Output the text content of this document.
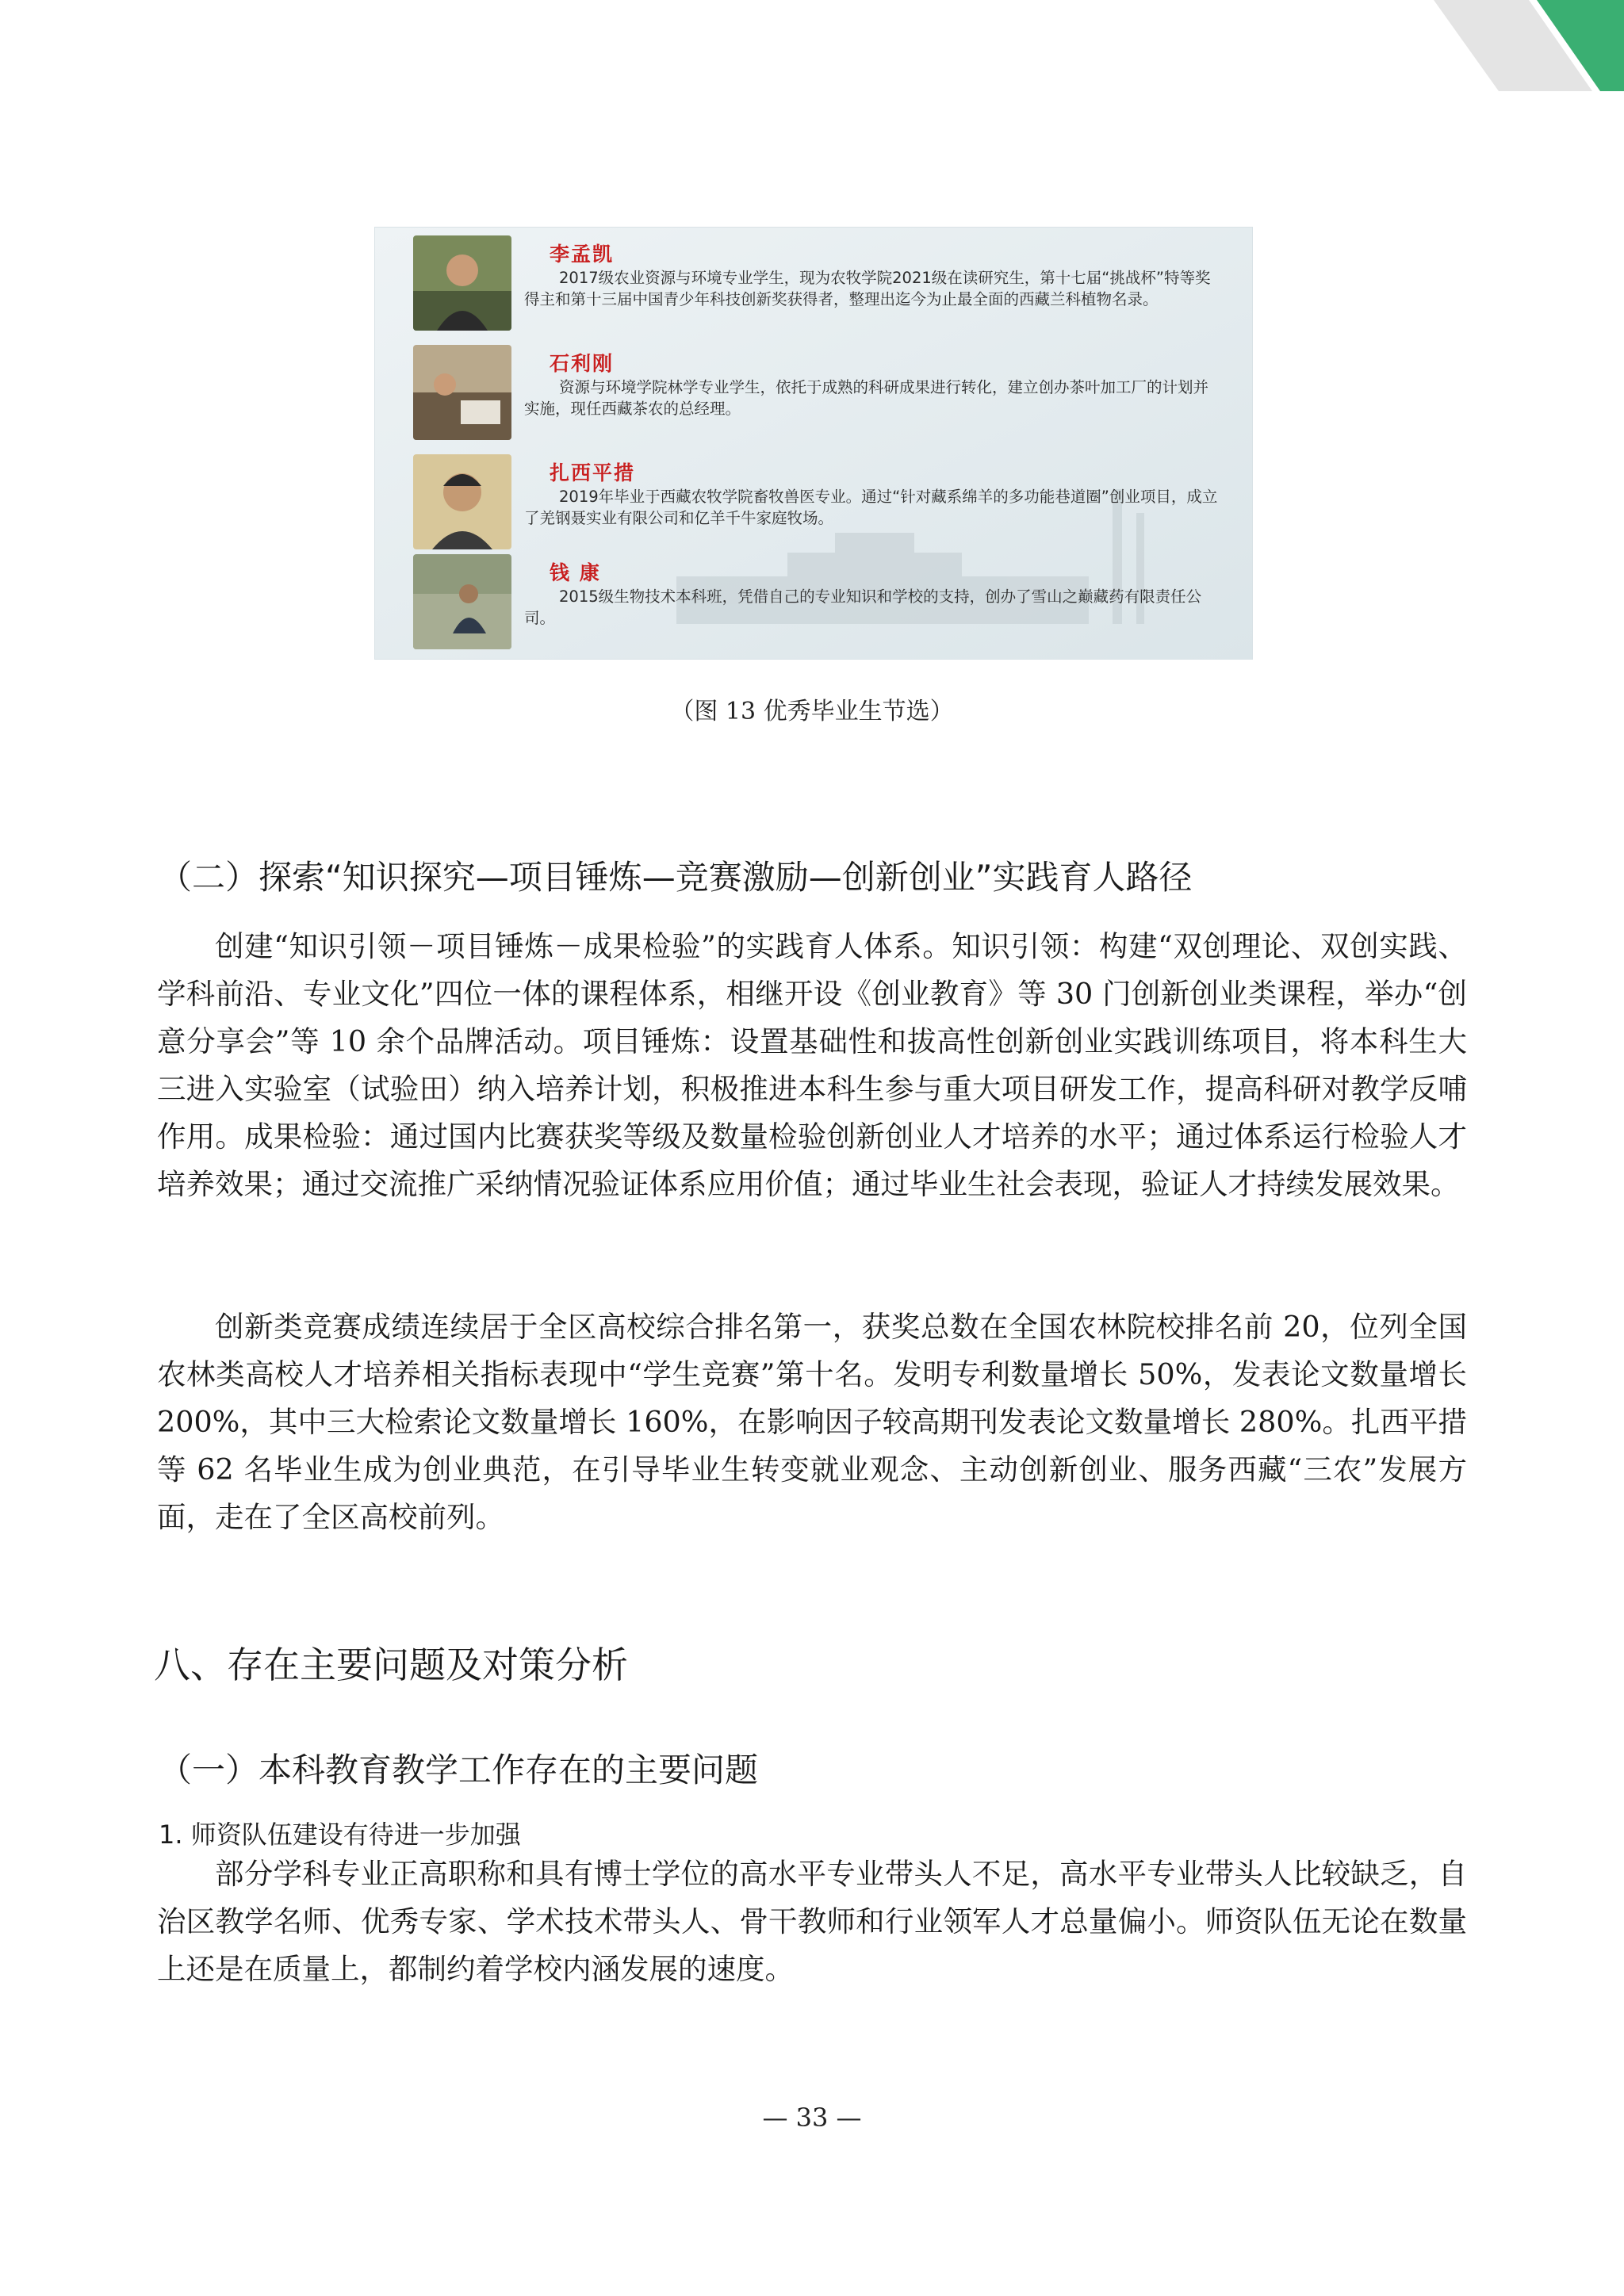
李孟凯
2017级农业资源与环境专业学生，现为农牧学院2021级在读研究生，第十七届“挑战杯”特等奖得主和第十三届中国青少年科技创新奖获得者，整理出迄今为止最全面的西藏兰科植物名录。
石利刚
资源与环境学院林学专业学生，依托于成熟的科研成果进行转化，建立创办茶叶加工厂的计划并实施，现任西藏茶农的总经理。
扎西平措
2019年毕业于西藏农牧学院畜牧兽医专业。通过“针对藏系绵羊的多功能巷道圈”创业项目，成立了羌钢聂实业有限公司和亿羊千牛家庭牧场。
钱 康
2015级生物技术本科班，凭借自己的专业知识和学校的支持，创办了雪山之巅藏药有限责任公司。
（图 13 优秀毕业生节选）
（二）探索“知识探究—项目锤炼—竞赛激励—创新创业”实践育人路径

创建“知识引领－项目锤炼－成果检验”的实践育人体系。知识引领：构建“双创理论、双创实践、学科前沿、专业文化”四位一体的课程体系，相继开设《创业教育》等 30 门创新创业类课程，举办“创意分享会”等 10 余个品牌活动。项目锤炼：设置基础性和拔高性创新创业实践训练项目，将本科生大三进入实验室（试验田）纳入培养计划，积极推进本科生参与重大项目研发工作，提高科研对教学反哺作用。成果检验：通过国内比赛获奖等级及数量检验创新创业人才培养的水平；通过体系运行检验人才培养效果；通过交流推广采纳情况验证体系应用价值；通过毕业生社会表现，验证人才持续发展效果。

创新类竞赛成绩连续居于全区高校综合排名第一，获奖总数在全国农林院校排名前 20，位列全国农林类高校人才培养相关指标表现中“学生竞赛”第十名。发明专利数量增长 50%，发表论文数量增长 200%，其中三大检索论文数量增长 160%，在影响因子较高期刊发表论文数量增长 280%。扎西平措等 62 名毕业生成为创业典范，在引导毕业生转变就业观念、主动创新创业、服务西藏“三农”发展方面，走在了全区高校前列。

八、存在主要问题及对策分析
（一）本科教育教学工作存在的主要问题
1. 师资队伍建设有待进一步加强

部分学科专业正高职称和具有博士学位的高水平专业带头人不足，高水平专业带头人比较缺乏，自治区教学名师、优秀专家、学术技术带头人、骨干教师和行业领军人才总量偏小。师资队伍无论在数量上还是在质量上，都制约着学校内涵发展的速度。

— 33 —
